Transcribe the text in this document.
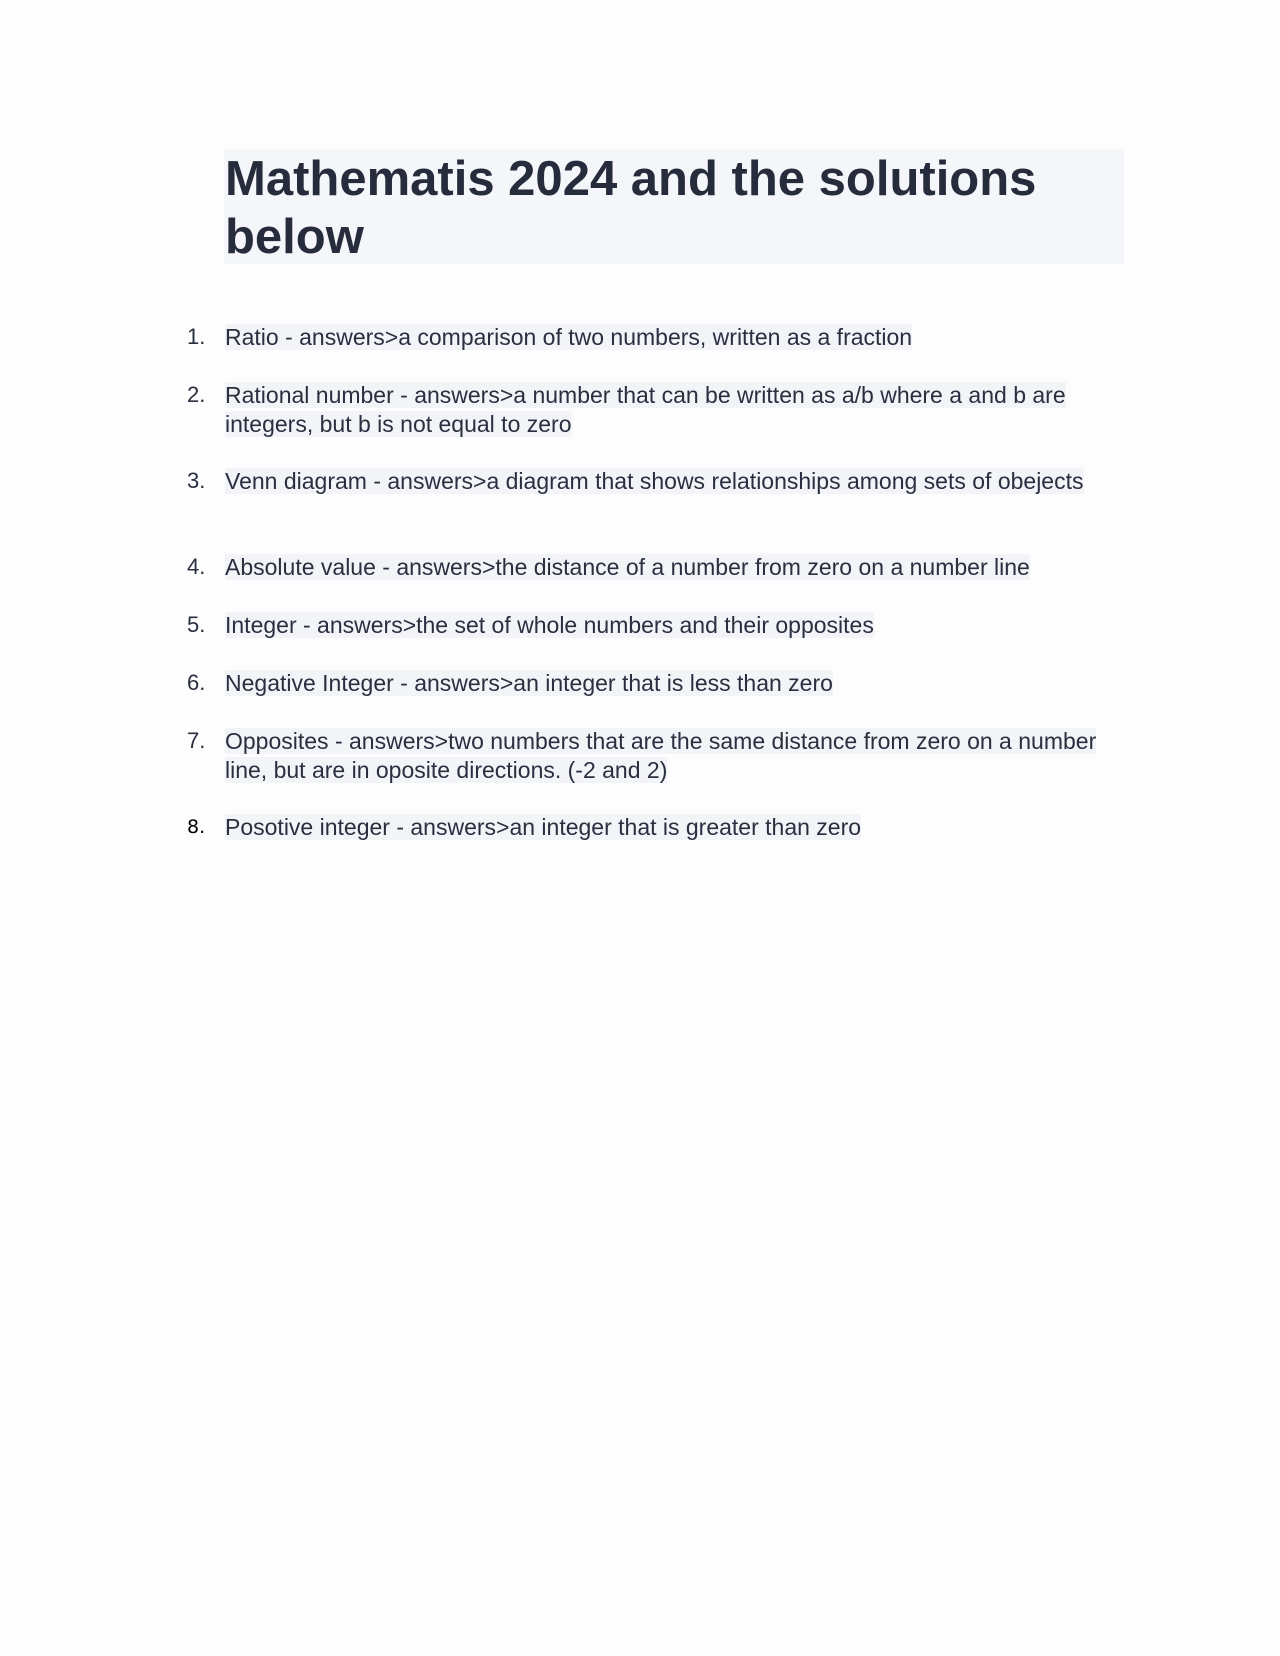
Mathematis 2024 and the solutions below
1. Ratio - answers>a comparison of two numbers, written as a fraction
2. Rational number - answers>a number that can be written as a/b where a and b are integers, but b is not equal to zero
3. Venn diagram - answers>a diagram that shows relationships among sets of obejects
4. Absolute value - answers>the distance of a number from zero on a number line
5. Integer - answers>the set of whole numbers and their opposites
6. Negative Integer - answers>an integer that is less than zero
7. Opposites - answers>two numbers that are the same distance from zero on a number line, but are in oposite directions. (-2 and 2)
8. Posotive integer - answers>an integer that is greater than zero
